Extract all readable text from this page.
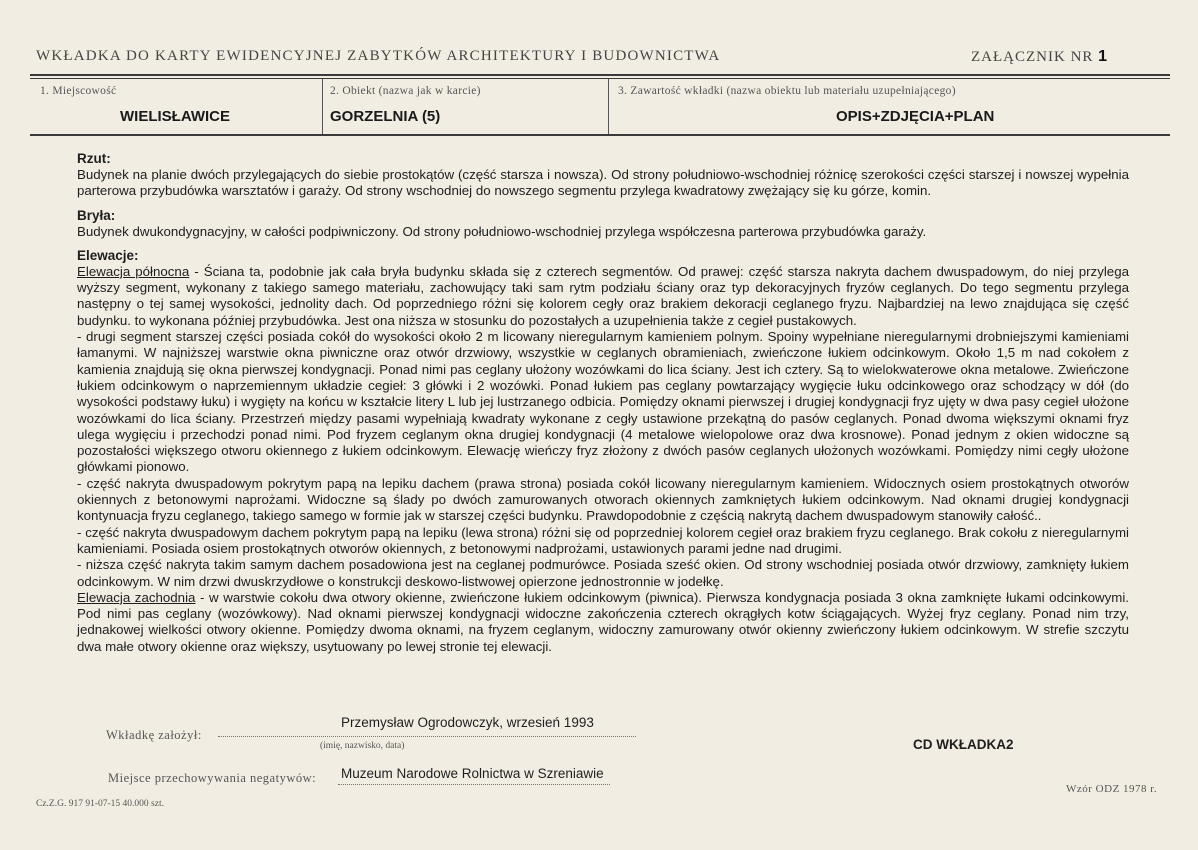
WKŁADKA DO KARTY EWIDENCYJNEJ ZABYTKÓW ARCHITEKTURY I BUDOWNICTWA	ZAŁĄCZNIK NR 1
1. Miejscowość
WIELISŁAWICE
2. Obiekt (nazwa jak w karcie)
GORZELNIA (5)
3. Zawartość wkładki (nazwa obiektu lub materiału uzupełniającego)
OPIS+ZDJĘCIA+PLAN
Rzut:

Budynek na planie dwóch przylegających do siebie prostokątów (część starsza i nowsza). Od strony południowo-wschodniej różnicę szerokości części starszej i nowszej wypełnia parterowa przybudówka warsztatów i garaży. Od strony wschodniej do nowszego segmentu przylega kwadratowy zwężający się ku górze, komin.

Bryła:

Budynek dwukondygnacyjny, w całości podpiwniczony. Od strony południowo-wschodniej przylega współczesna parterowa przybudówka garaży.

Elewacje:

Elewacja północna - Ściana ta, podobnie jak cała bryła budynku składa się z czterech segmentów. Od prawej: część starsza nakryta dachem dwuspadowym, do niej przylega wyższy segment, wykonany z takiego samego materiału, zachowujący taki sam rytm podziału ściany oraz typ dekoracyjnych fryzów ceglanych. Do tego segmentu przylega następny o tej samej wysokości, jednolity dach. Od poprzedniego różni się kolorem cegły oraz brakiem dekoracji ceglanego fryzu. Najbardziej na lewo znajdująca się część budynku. to wykonana później przybudówka. Jest ona niższa w stosunku do pozostałych a uzupełnienia także z cegieł pustakowych.

- drugi segment starszej części posiada cokół do wysokości około 2 m licowany nieregularnym kamieniem polnym. Spoiny wypełniane nieregularnymi drobniejszymi kamieniami łamanymi. W najniższej warstwie okna piwniczne oraz otwór drzwiowy, wszystkie w ceglanych obramieniach, zwieńczone łukiem odcinkowym. Około 1,5 m nad cokołem z kamienia znajdują się okna pierwszej kondygnacji. Ponad nimi pas ceglany ułożony wozówkami do lica ściany. Jest ich cztery. Są to wielokwaterowe okna metalowe. Zwieńczone łukiem odcinkowym o naprzemiennym układzie cegieł: 3 główki i 2 wozówki. Ponad łukiem pas ceglany powtarzający wygięcie łuku odcinkowego oraz schodzący w dół (do wysokości podstawy łuku) i wygięty na końcu w kształcie litery L lub jej lustrzanego odbicia. Pomiędzy oknami pierwszej i drugiej kondygnacji fryz ujęty w dwa pasy cegieł ułożone wozówkami do lica ściany. Przestrzeń między pasami wypełniają kwadraty wykonane z cegły ustawione przekątną do pasów ceglanych. Ponad dwoma większymi oknami fryz ulega wygięciu i przechodzi ponad nimi. Pod fryzem ceglanym okna drugiej kondygnacji (4 metalowe wielopolowe oraz dwa krosnowe). Ponad jednym z okien widoczne są pozostałości większego otworu okiennego z łukiem odcinkowym. Elewację wieńczy fryz złożony z dwóch pasów ceglanych ułożonych wozówkami. Pomiędzy nimi cegły ułożone główkami pionowo.

- część nakryta dwuspadowym pokrytym papą na lepiku dachem (prawa strona) posiada cokół licowany nieregularnym kamieniem. Widocznych osiem prostokątnych otworów okiennych z betonowymi naprożami. Widoczne są ślady po dwóch zamurowanych otworach okiennych zamkniętych łukiem odcinkowym. Nad oknami drugiej kondygnacji kontynuacja fryzu ceglanego, takiego samego w formie jak w starszej części budynku. Prawdopodobnie z częścią nakrytą dachem dwuspadowym stanowiły całość..

- część nakryta dwuspadowym dachem pokrytym papą na lepiku (lewa strona) różni się od poprzedniej kolorem cegieł oraz brakiem fryzu ceglanego. Brak cokołu z nieregularnymi kamieniami. Posiada osiem prostokątnych otworów okiennych, z betonowymi nadprożami, ustawionych parami jedne nad drugimi.

- niższa część nakryta takim samym dachem posadowiona jest na ceglanej podmurówce. Posiada sześć okien. Od strony wschodniej posiada otwór drzwiowy, zamknięty łukiem odcinkowym. W nim drzwi dwuskrzydłowe o konstrukcji deskowo-listwowej opierzone jednostronnie w jodełkę.

Elewacja zachodnia - w warstwie cokołu dwa otwory okienne, zwieńczone łukiem odcinkowym (piwnica). Pierwsza kondygnacja posiada 3 okna zamknięte łukami odcinkowymi. Pod nimi pas ceglany (wozówkowy). Nad oknami pierwszej kondygnacji widoczne zakończenia czterech okrągłych kotw ściągających. Wyżej fryz ceglany. Ponad nim trzy, jednakowej wielkości otwory okienne. Pomiędzy dwoma oknami, na fryzem ceglanym, widoczny zamurowany otwór okienny zwieńczony łukiem odcinkowym. W strefie szczytu dwa małe otwory okienne oraz większy, usytuowany po lewej stronie tej elewacji.

Przemysław Ogrodowczyk, wrzesień 1993
Wkładkę założył:
(imię, nazwisko, data)	CD WKŁADKA2
Miejsce przechowywania negatywów: Muzeum Narodowe Rolnictwa w Szreniawie
Cz.Z.G. 917 91-07-15 40.000 szt.
Wzór ODZ 1978 r.
